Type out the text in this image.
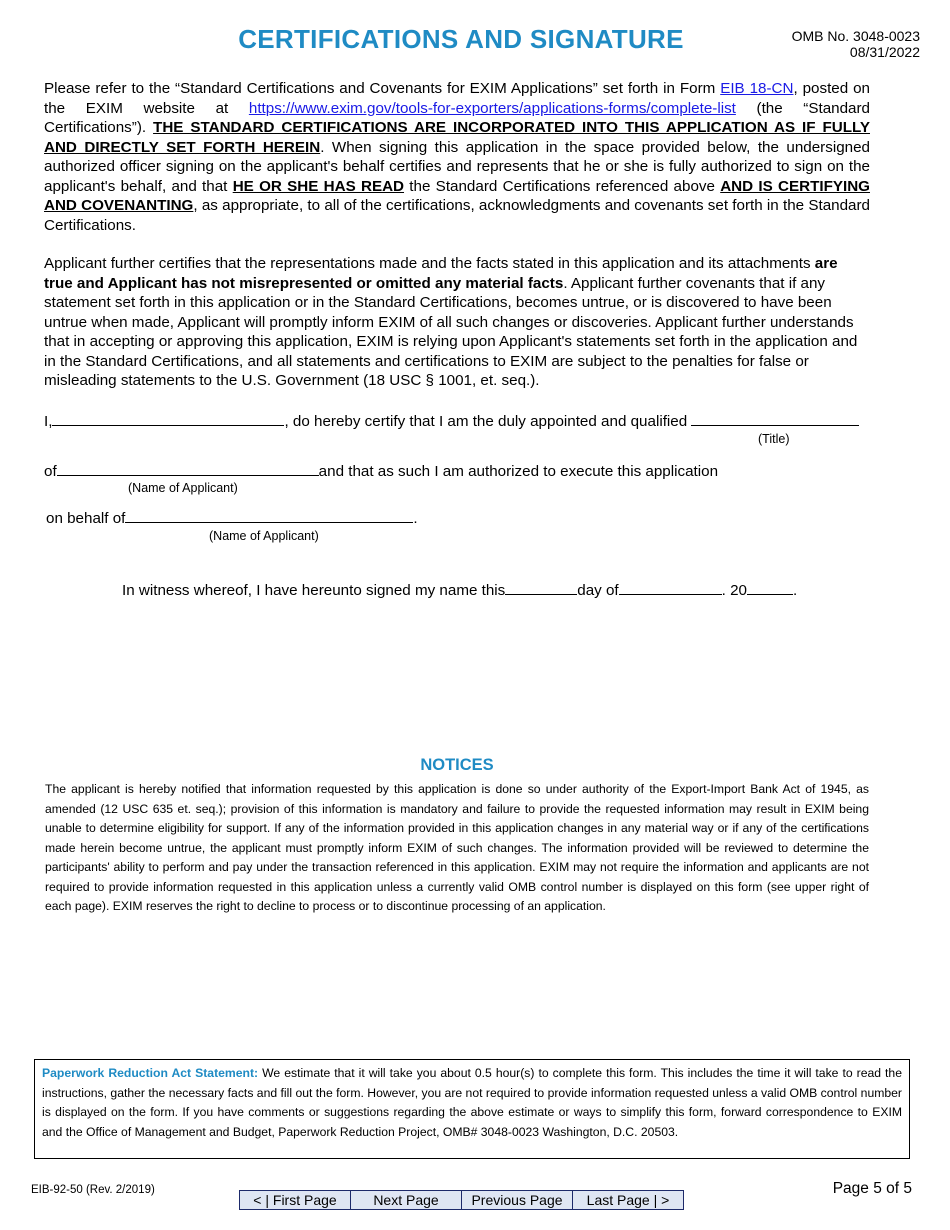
CERTIFICATIONS AND SIGNATURE	OMB No. 3048-0023
08/31/2022
Please refer to the “Standard Certifications and Covenants for EXIM Applications” set forth in Form EIB 18-CN, posted on the EXIM website at https://www.exim.gov/tools-for-exporters/applications-forms/complete-list (the “Standard Certifications”). THE STANDARD CERTIFICATIONS ARE INCORPORATED INTO THIS APPLICATION AS IF FULLY AND DIRECTLY SET FORTH HEREIN. When signing this application in the space provided below, the undersigned authorized officer signing on the applicant's behalf certifies and represents that he or she is fully authorized to sign on the applicant's behalf, and that HE OR SHE HAS READ the Standard Certifications referenced above AND IS CERTIFYING AND COVENANTING, as appropriate, to all of the certifications, acknowledgments and covenants set forth in the Standard Certifications.
Applicant further certifies that the representations made and the facts stated in this application and its attachments are true and Applicant has not misrepresented or omitted any material facts. Applicant further covenants that if any statement set forth in this application or in the Standard Certifications, becomes untrue, or is discovered to have been untrue when made, Applicant will promptly inform EXIM of all such changes or discoveries. Applicant further understands that in accepting or approving this application, EXIM is relying upon Applicant's statements set forth in the application and in the Standard Certifications, and all statements and certifications to EXIM are subject to the penalties for false or misleading statements to the U.S. Government (18 USC § 1001, et. seq.).
I,	, do hereby certify that I am the duly appointed and qualified
(Title)
of	and that as such I am authorized to execute this application
(Name of Applicant)
on behalf of	.
(Name of Applicant)
In witness whereof, I have hereunto signed my name this	day of	. 20	.
NOTICES
The applicant is hereby notified that information requested by this application is done so under authority of the Export-Import Bank Act of 1945, as amended (12 USC 635 et. seq.); provision of this information is mandatory and failure to provide the requested information may result in EXIM being unable to determine eligibility for support. If any of the information provided in this application changes in any material way or if any of the certifications made herein become untrue, the applicant must promptly inform EXIM of such changes. The information provided will be reviewed to determine the participants' ability to perform and pay under the transaction referenced in this application. EXIM may not require the information and applicants are not required to provide information requested in this application unless a currently valid OMB control number is displayed on this form (see upper right of each page). EXIM reserves the right to decline to process or to discontinue processing of an application.
Paperwork Reduction Act Statement: We estimate that it will take you about 0.5 hour(s) to complete this form. This includes the time it will take to read the instructions, gather the necessary facts and fill out the form. However, you are not required to provide information requested unless a valid OMB control number is displayed on the form. If you have comments or suggestions regarding the above estimate or ways to simplify this form, forward correspondence to EXIM and the Office of Management and Budget, Paperwork Reduction Project, OMB# 3048-0023 Washington, D.C. 20503.
EIB-92-50 (Rev. 2/2019)	Page 5 of 5
< | First Page	Next Page	Previous Page	Last Page | >
